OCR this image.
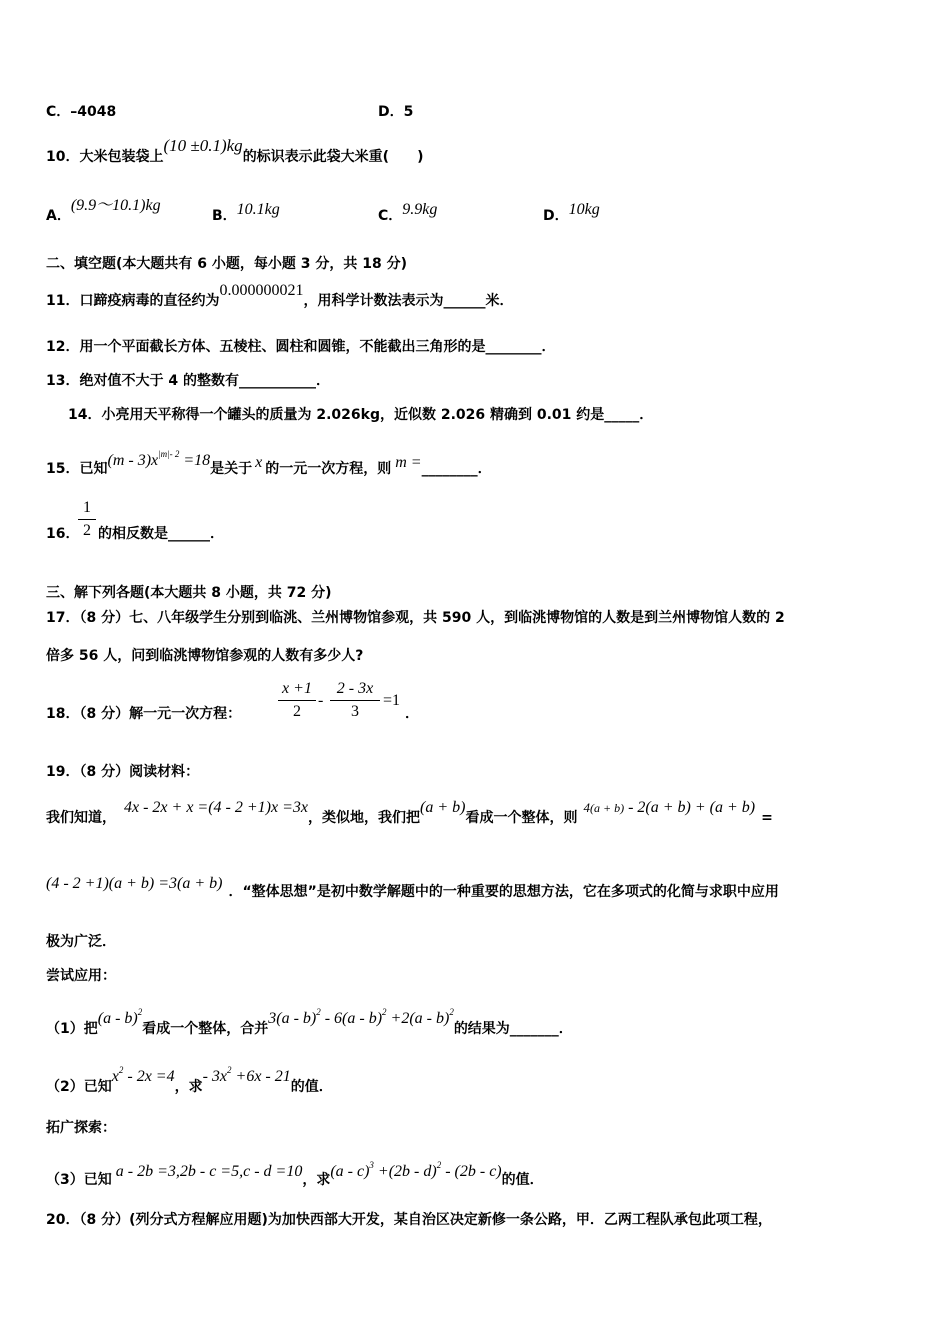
C．–4048	D．5
10．大米包装袋上(10 ±0.1)kg的标识表示此袋大米重(　　)
A．(9.9～10.1)kg
B．10.1kg	C．9.9kg	D．10kg
二、填空题(本大题共有 6 小题，每小题 3 分，共 18 分)
11．口蹄疫病毒的直径约为0.000000021，用科学计数法表示为______米．
12．用一个平面截长方体、五棱柱、圆柱和圆锥，不能截出三角形的是________．
13．绝对值不大于 4 的整数有___________．
14．小亮用天平称得一个罐头的质量为 2.026kg，近似数 2.026 精确到 0.01 约是_____．
15．已知$(m - 3)x^{|m|- 2} =18$是关于 x 的一元一次方程，则 m =________．
16．
1
2 的相反数是______．
三、解下列各题(本大题共 8 小题，共 72 分)
17．（8 分）七、八年级学生分别到临洮、兰州博物馆参观，共 590 人，到临洮博物馆的人数是到兰州博物馆人数的 2
倍多 56 人，问到临洮博物馆参观的人数有多少人?
18．（8 分）解一元一次方程：
x +1
2
-
2 - 3x
3
=1
．
19．（8 分）阅读材料：
我们知道，4x - 2x + x =(4 - 2 +1)x =3x，类似地，我们把(a + b)看成一个整体，则4(a + b) - 2(a + b) + (a + b)=
(4 - 2 +1)(a + b) =3(a + b) ．“整体思想”是初中数学解题中的一种重要的思想方法，它在多项式的化简与求职中应用
极为广泛．
尝试应用：
（1）把(a - b)$^2$看成一个整体，合并3(a - b)$^2$ - 6(a - b)$^2$ +2(a - b)$^2$的结果为_______．
（2）已知$x^2 - 2x =4$，求- $3x^2 +6x - 21$的值．
拓广探索：
（3）已知 a - 2b =3,2b - c =5,c - d =10，求(a - c)$^3$ +(2b - d)$^2$ - (2b - c)的值．
20．（8 分）(列分式方程解应用题)为加快西部大开发，某自治区决定新修一条公路，甲．乙两工程队承包此项工程，
